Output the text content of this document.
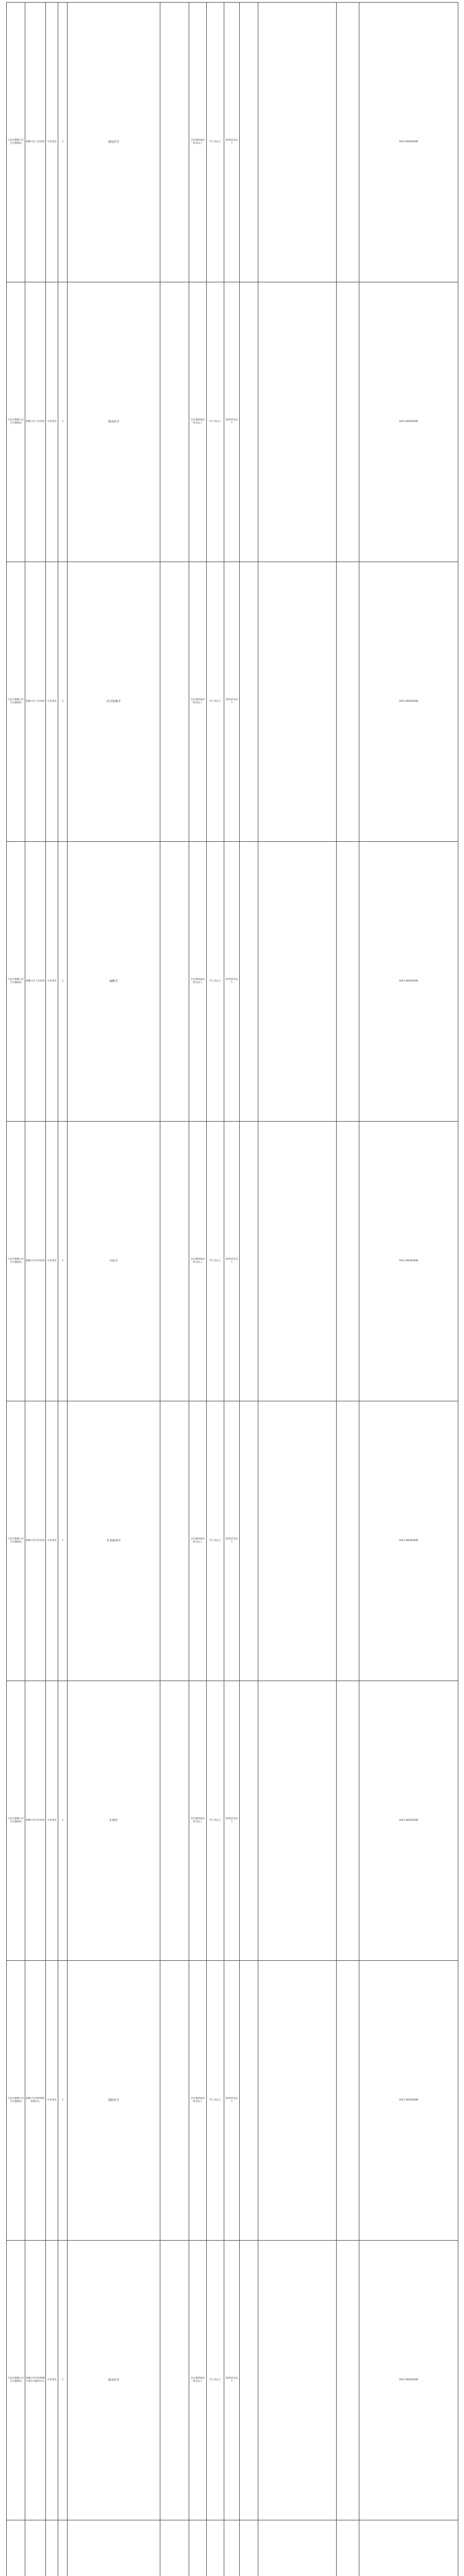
大连市旅顺口区卫生健康局	旅顺口区人民医院	专业技术	1	康复医学		全日制普通本科及以上	学士及以上	35周岁及以下				0411-86383608
大连市旅顺口区卫生健康局	旅顺口区人民医院	专业技术	1	临床医学		全日制普通本科及以上	学士及以上	35周岁及以下				0411-86383608
大连市旅顺口区卫生健康局	旅顺口区人民医院	专业技术	1	医学影像学		全日制普通本科及以上	学士及以上	35周岁及以下				0411-86383608
大连市旅顺口区卫生健康局	旅顺口区人民医院	专业技术	1	麻醉学		全日制普通本科及以上	学士及以上	35周岁及以下				0411-86383608
大连市旅顺口区卫生健康局	旅顺口区中医医院	专业技术	1	中医学		全日制普通本科及以上	学士及以上	35周岁及以下				0411-86383608
大连市旅顺口区卫生健康局	旅顺口区中医医院	专业技术	1	针灸推拿学		全日制普通本科及以上	学士及以上	35周岁及以下				0411-86383608
大连市旅顺口区卫生健康局	旅顺口区中医医院	专业技术	1	护理学		全日制普通本科及以上	学士及以上	35周岁及以下				0411-86383608
大连市旅顺口区卫生健康局	旅顺口区疾病预防控制中心	专业技术	1	预防医学		全日制普通本科及以上	学士及以上	35周岁及以下				0411-86383608
大连市旅顺口区卫生健康局	旅顺口区妇幼保健计划生育服务中心	专业技术	1	临床医学		全日制普通本科及以上	学士及以上	35周岁及以下				0411-86383608
